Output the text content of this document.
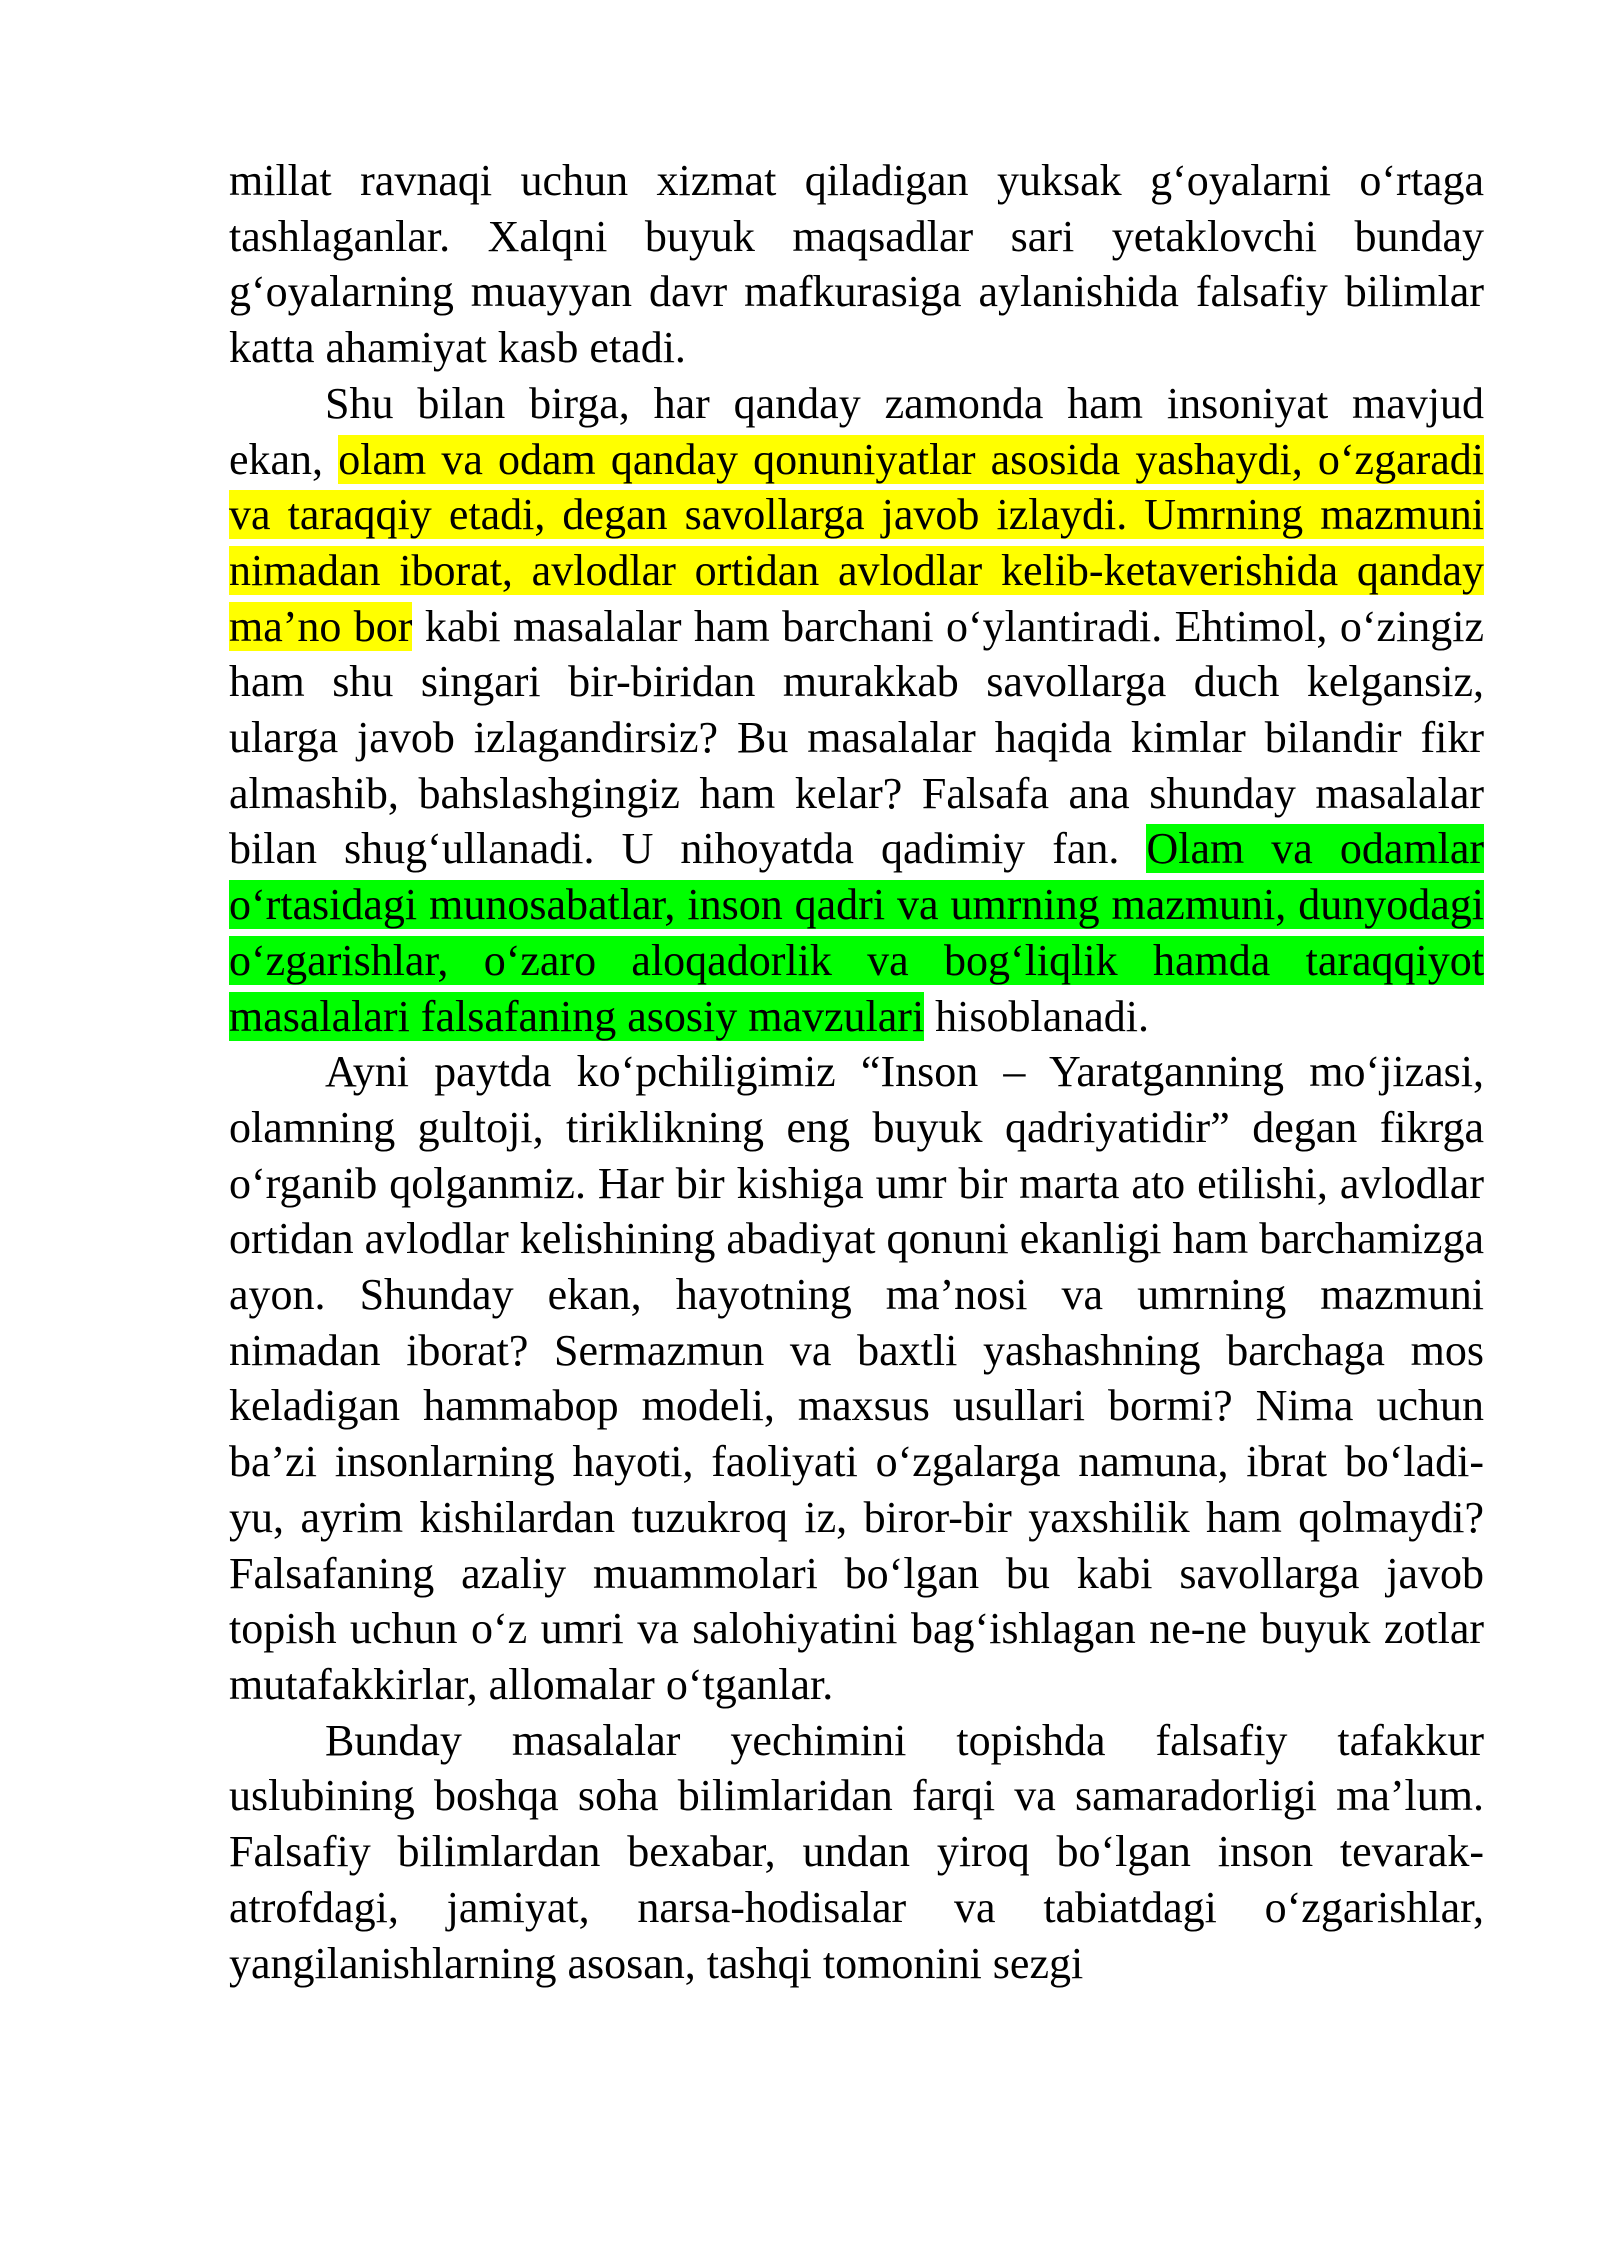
millat ravnaqi uchun xizmat qiladigan yuksak g‘oyalarni o‘rtaga tashlaganlar. Xalqni buyuk maqsadlar sari yetaklovchi bunday g‘oyalarning muayyan davr mafkurasiga aylanishida falsafiy bilimlar katta ahamiyat kasb etadi.

Shu bilan birga, har qanday zamonda ham insoniyat mavjud ekan, olam va odam qanday qonuniyatlar asosida yashaydi, o‘zgaradi va taraqqiy etadi, degan savollarga javob izlaydi. Umrning mazmuni nimadan iborat, avlodlar ortidan avlodlar kelib-ketaverishida qanday ma’no bor kabi masalalar ham barchani o‘ylantiradi. Ehtimol, o‘zingiz ham shu singari bir-biridan murakkab savollarga duch kelgansiz, ularga javob izlagandirsiz? Bu masalalar haqida kimlar bilandir fikr almashib, bahslashgingiz ham kelar? Falsafa ana shunday masalalar bilan shug‘ullanadi. U nihoyatda qadimiy fan. Olam va odamlar o‘rtasidagi munosabatlar, inson qadri va umrning mazmuni, dunyodagi o‘zgarishlar, o‘zaro aloqadorlik va bog‘liqlik hamda taraqqiyot masalalari falsafaning asosiy mavzulari hisoblanadi.

Ayni paytda ko‘pchiligimiz “Inson – Yaratganning mo‘jizasi, olamning gultoji, tiriklikning eng buyuk qadriyatidir” degan fikrga o‘rganib qolganmiz. Har bir kishiga umr bir marta ato etilishi, avlodlar ortidan avlodlar kelishining abadiyat qonuni ekanligi ham barchamizga ayon. Shunday ekan, hayotning ma’nosi va umrning mazmuni nimadan iborat? Sermazmun va baxtli yashashning barchaga mos keladigan hammabop modeli, maxsus usullari bormi? Nima uchun ba’zi insonlarning hayoti, faoliyati o‘zgalarga namuna, ibrat bo‘ladi-yu, ayrim kishilardan tuzukroq iz, biror-bir yaxshilik ham qolmaydi? Falsafaning azaliy muammolari bo‘lgan bu kabi savollarga javob topish uchun o‘z umri va salohiyatini bag‘ishlagan ne-ne buyuk zotlar mutafakkirlar, allomalar o‘tganlar.

Bunday masalalar yechimini topishda falsafiy tafakkur uslubining boshqa soha bilimlaridan farqi va samaradorligi ma’lum. Falsafiy bilimlardan bexabar, undan yiroq bo‘lgan inson tevarak-atrofdagi, jamiyat, narsa-hodisalar va tabiatdagi o‘zgarishlar, yangilanishlarning asosan, tashqi tomonini sezgi
